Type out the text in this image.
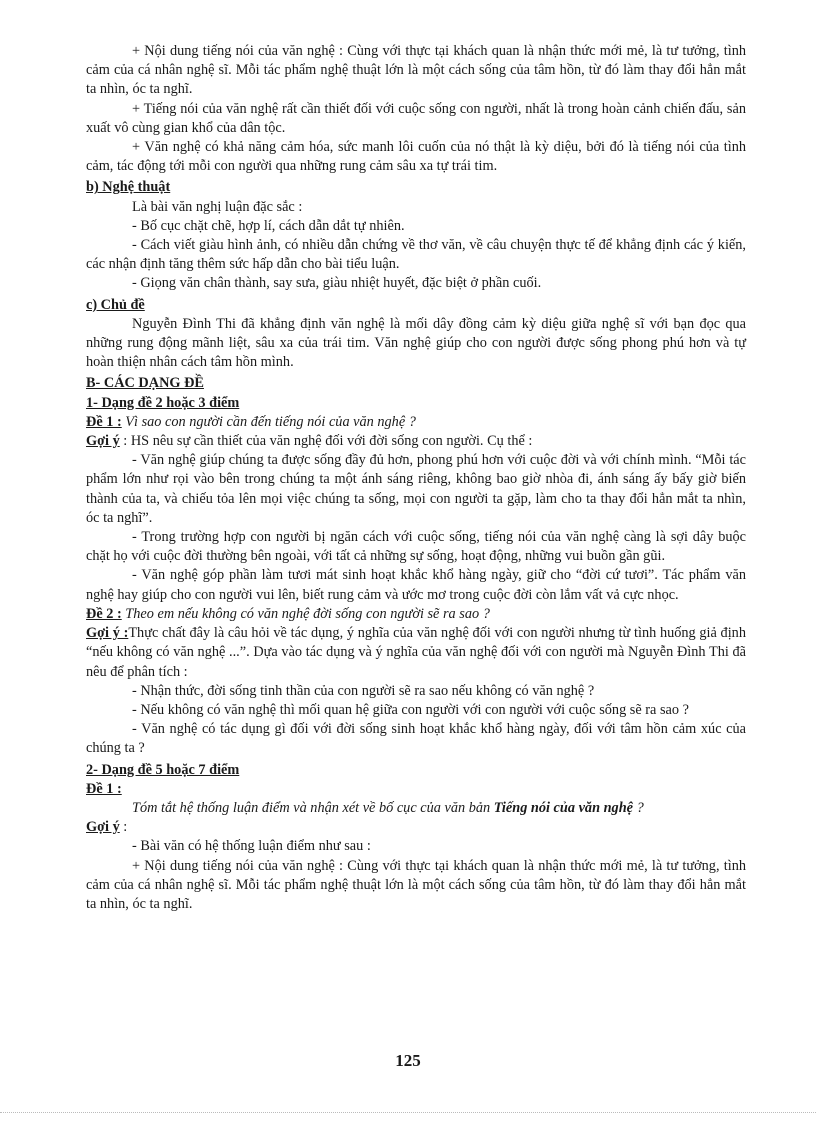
+ Nội dung tiếng nói của văn nghệ : Cùng với thực tại khách quan là nhận thức mới mẻ, là tư tưởng, tình cảm của cá nhân nghệ sĩ. Mỗi tác phẩm nghệ thuật lớn là một cách sống của tâm hồn, từ đó làm thay đổi hẳn mắt ta nhìn, óc ta nghĩ.

+ Tiếng nói của văn nghệ rất cần thiết đối với cuộc sống con người, nhất là trong hoàn cảnh chiến đấu, sản xuất vô cùng gian khổ của dân tộc.

+ Văn nghệ có khả năng cảm hóa, sức manh lôi cuốn của nó thật là kỳ diệu, bởi đó là tiếng nói của tình cảm, tác động tới mỗi con người qua những rung cảm sâu xa tự trái tim.

b) Nghệ thuật

Là bài văn nghị luận đặc sắc :

- Bố cục chặt chẽ, hợp lí, cách dẫn dắt tự nhiên.

- Cách viết giàu hình ảnh, có nhiều dẫn chứng về thơ văn, về câu chuyện thực tế để khẳng định các ý kiến, các nhận định tăng thêm sức hấp dẫn cho bài tiểu luận.

- Giọng văn chân thành, say sưa, giàu nhiệt huyết, đặc biệt ở phần cuối.

c) Chủ đề

Nguyễn Đình Thi đã khẳng định văn nghệ là mối dây đồng cảm kỳ diệu giữa nghệ sĩ với bạn đọc qua những rung động mãnh liệt, sâu xa của trái tim. Văn nghệ giúp cho con người được sống phong phú hơn và tự hoàn thiện nhân cách tâm hồn mình.

B- CÁC DẠNG ĐỀ

1- Dạng đề 2 hoặc 3 điểm

Đề 1 : Vì sao con người cần đến tiếng nói của văn nghệ ?

Gợi ý : HS nêu sự cần thiết của văn nghệ đối với đời sống con người. Cụ thể :

- Văn nghệ giúp chúng ta được sống đầy đủ hơn, phong phú hơn với cuộc đời và với chính mình. “Mỗi tác phẩm lớn như rọi vào bên trong chúng ta một ánh sáng riêng, không bao giờ nhòa đi, ánh sáng ấy bấy giờ biến thành của ta, và chiếu tỏa lên mọi việc chúng ta sống, mọi con người ta gặp, làm cho ta thay đổi hẳn mắt ta nhìn, óc ta nghĩ”.

- Trong trường hợp con người bị ngăn cách với cuộc sống, tiếng nói của văn nghệ càng là sợi dây buộc chặt họ với cuộc đời thường bên ngoài, với tất cả những sự sống, hoạt động, những vui buồn gần gũi.

- Văn nghệ góp phần làm tươi mát sinh hoạt khắc khổ hàng ngày, giữ cho “đời cứ tươi”. Tác phẩm văn nghệ hay giúp cho con người vui lên, biết rung cảm và ước mơ trong cuộc đời còn lắm vất vả cực nhọc.

Đề 2 : Theo em nếu không có văn nghệ đời sống con người sẽ ra sao ?

Gợi ý :Thực chất đây là câu hỏi về tác dụng, ý nghĩa của văn nghệ đối với con người nhưng từ tình huống giả định “nếu không có văn nghệ ...”. Dựa vào tác dụng và ý nghĩa của văn nghệ đối với con người mà Nguyễn Đình Thi đã nêu để phân tích :

- Nhận thức, đời sống tinh thần của con người sẽ ra sao nếu không có văn nghệ ?

- Nếu không có văn nghệ thì mối quan hệ giữa con người với con người với cuộc sống sẽ ra sao ?

- Văn nghệ có tác dụng gì đối với đời sống sinh hoạt khắc khổ hàng ngày, đối với tâm hồn cảm xúc của chúng ta ?

2- Dạng đề 5 hoặc 7 điểm

Đề 1 :

Tóm tắt hệ thống luận điểm và nhận xét về bố cục của văn bản Tiếng nói của văn nghệ ?

Gợi ý :

- Bài văn có hệ thống luận điểm như sau :

+ Nội dung tiếng nói của văn nghệ : Cùng với thực tại khách quan là nhận thức mới mẻ, là tư tưởng, tình cảm của cá nhân nghệ sĩ. Mỗi tác phẩm nghệ thuật lớn là một cách sống của tâm hồn, từ đó làm thay đổi hẳn mắt ta nhìn, óc ta nghĩ.

125
